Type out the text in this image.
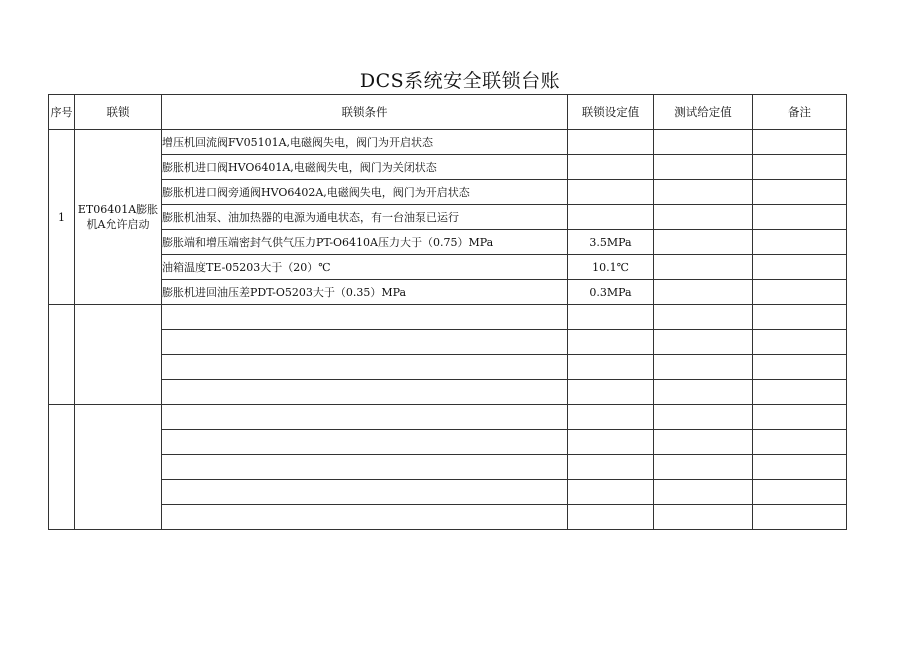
DCS系统安全联锁台账
序号	联锁	联锁条件	联锁设定值	测试给定值	备注
1	ET06401A膨胀机A允许启动	增压机回流阀FV05101A,电磁阀失电，阀门为开启状态			
		膨胀机进口阀HVO6401A,电磁阀失电，阀门为关闭状态			
		膨胀机进口阀旁通阀HVO6402A,电磁阀失电，阀门为开启状态			
		膨胀机油泵、油加热器的电源为通电状态，有一台油泵已运行			
		膨胀端和增压端密封气供气压力PT-O6410A压力大于（0.75）MPa	3.5MPa		
		油箱温度TE-05203大于（20）℃	10.1℃		
		膨胀机进回油压差PDT-O5203大于（0.35）MPa	0.3MPa		
